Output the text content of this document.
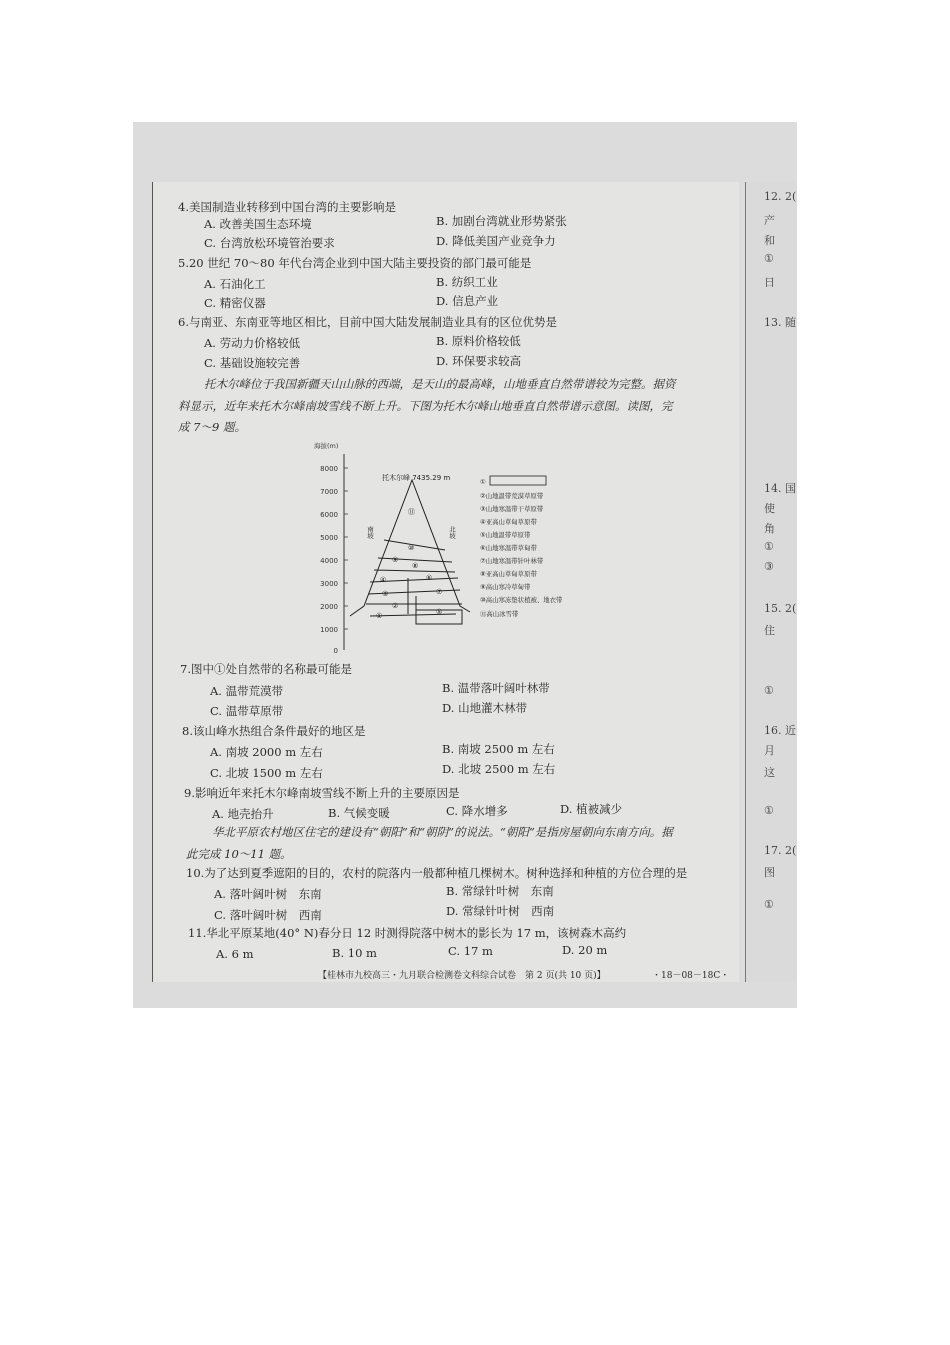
12. 2(
产
和
①
日
13. 随
14. 国
使
角
①
③
15. 2(
住
①
16. 近
月
这
①
17. 2(
图
①
4.美国制造业转移到中国台湾的主要影响是
A. 改善美国生态环境	B. 加剧台湾就业形势紧张
C. 台湾放松环境管治要求	D. 降低美国产业竞争力
5.20 世纪 70～80 年代台湾企业到中国大陆主要投资的部门最可能是
A. 石油化工	B. 纺织工业
C. 精密仪器	D. 信息产业
6.与南亚、东南亚等地区相比，目前中国大陆发展制造业具有的区位优势是
A. 劳动力价格较低	B. 原料价格较低
C. 基础设施较完善	D. 环保要求较高
托木尔峰位于我国新疆天山山脉的西端，是天山的最高峰，山地垂直自然带谱较为完整。据资
料显示，近年来托木尔峰南坡雪线不断上升。下图为托木尔峰山地垂直自然带谱示意图。读图，完
成 7～9 题。
海拔(m)
8000
7000
6000
5000
4000
3000
2000
1000
0
托木尔峰 7435.29 m
南坡	北坡
⑪
⑩
⑨
⑧
⑦
⑥
⑤
④
③
②
①
①
②山地温带荒漠草原带
③山地寒温带干草原带
④亚高山草甸草原带
⑤山地温带草原带
⑥山地寒温带草甸带
⑦山地寒温带针叶林带
⑧亚高山草甸草原带
⑨高山寒冷草甸带
⑩高山寒冻垫状植被、地衣带
⑪高山冰雪带
7.图中①处自然带的名称最可能是
A. 温带荒漠带	B. 温带落叶阔叶林带
C. 温带草原带	D. 山地灌木林带
8.该山峰水热组合条件最好的地区是
A. 南坡 2000 m 左右	B. 南坡 2500 m 左右
C. 北坡 1500 m 左右	D. 北坡 2500 m 左右
9.影响近年来托木尔峰南坡雪线不断上升的主要原因是
A. 地壳抬升	B. 气候变暖	C. 降水增多	D. 植被减少
华北平原农村地区住宅的建设有“朝阳”和“朝阴”的说法。“朝阳”是指房屋朝向东南方向。据
此完成 10～11 题。
10.为了达到夏季遮阳的目的，农村的院落内一般都种植几棵树木。树种选择和种植的方位合理的是
A. 落叶阔叶树　东南	B. 常绿针叶树　东南
C. 落叶阔叶树　西南	D. 常绿针叶树　西南
11.华北平原某地(40° N)春分日 12 时测得院落中树木的影长为 17 m，该树森木高约
A. 6 m	B. 10 m	C. 17 m	D. 20 m
【桂林市九校高三・九月联合检测卷文科综合试卷　第 2 页(共 10 页)】	・18－08－18C・
